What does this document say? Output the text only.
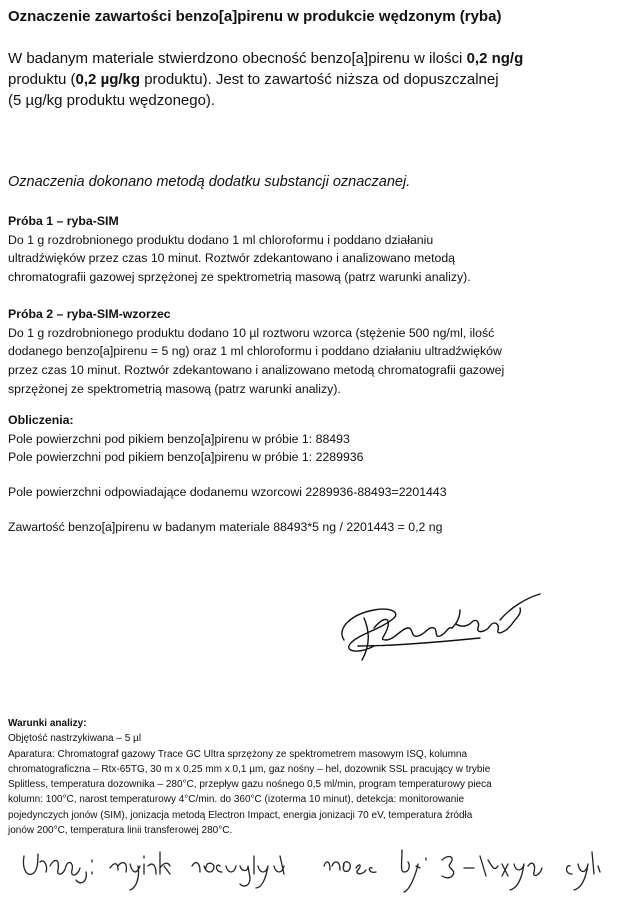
Oznaczenie zawartości benzo[a]pirenu w produkcie wędzonym (ryba)
W badanym materiale stwierdzono obecność benzo[a]pirenu w ilości 0,2 ng/g
produktu (0,2 µg/kg produktu). Jest to zawartość niższa od dopuszczalnej
(5 µg/kg produktu wędzonego).
Oznaczenia dokonano metodą dodatku substancji oznaczanej.
Próba 1 – ryba-SIM
Do 1 g rozdrobnionego produktu dodano 1 ml chloroformu i poddano działaniu
ultradźwięków przez czas 10 minut. Roztwór zdekantowano i analizowano metodą
chromatografii gazowej sprzężonej ze spektrometrią masową (patrz warunki analizy).
Próba 2 – ryba-SIM-wzorzec
Do 1 g rozdrobnionego produktu dodano 10 µl roztworu wzorca (stężenie 500 ng/ml, ilość
dodanego benzo[a]pirenu = 5 ng) oraz 1 ml chloroformu i poddano działaniu ultradźwięków
przez czas 10 minut. Roztwór zdekantowano i analizowano metodą chromatografii gazowej
sprzężonej ze spektrometrią masową (patrz warunki analizy).
Obliczenia:
Pole powierzchni pod pikiem benzo[a]pirenu w próbie 1: 88493
Pole powierzchni pod pikiem benzo[a]pirenu w próbie 1: 2289936
Pole powierzchni odpowiadające dodanemu wzorcowi 2289936-88493=2201443
Zawartość benzo[a]pirenu w badanym materiale 88493*5 ng / 2201443 = 0,2 ng
Warunki analizy:
Objętość nastrzykiwana – 5 µl
Aparatura: Chromatograf gazowy Trace GC Ultra sprzężony ze spektrometrem masowym ISQ, kolumna
chromatograficzna – Rtx-65TG, 30 m x 0,25 mm x 0,1 µm, gaz nośny – hel, dozownik SSL pracujący w trybie
Splitless, temperatura dozownika – 280°C, przepływ gazu nośnego 0,5 ml/min, program temperaturowy pieca
kolumn: 100°C, narost temperaturowy 4°C/min. do 360°C (izoterma 10 minut), detekcja: monitorowanie
pojedynczych jonów (SIM), jonizacja metodą Electron Impact, energia jonizacji 70 eV, temperatura źródła
jonów 200°C, temperatura linii transferowej 280°C.
